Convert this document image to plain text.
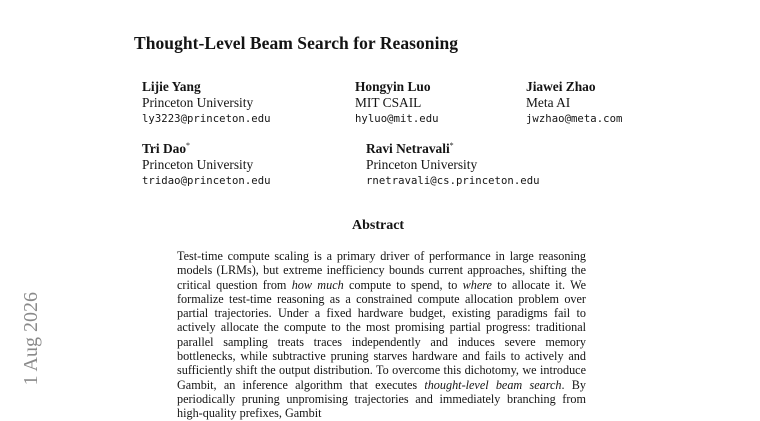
Thought-Level Beam Search for Reasoning
Lijie Yang
Princeton University
ly3223@princeton.edu
Hongyin Luo
MIT CSAIL
hyluo@mit.edu
Jiawei Zhao
Meta AI
jwzhao@meta.com
Tri Dao*
Princeton University
tridao@princeton.edu
Ravi Netravali*
Princeton University
rnetravali@cs.princeton.edu
Abstract

Test-time compute scaling is a primary driver of performance in large reasoning models (LRMs), but extreme inefficiency bounds current approaches, shifting the critical question from how much compute to spend, to where to allocate it. We formalize test-time reasoning as a constrained compute allocation problem over partial trajectories. Under a fixed hardware budget, existing paradigms fail to actively allocate the compute to the most promising partial progress: traditional parallel sampling treats traces independently and induces severe memory bottlenecks, while subtractive pruning starves hardware and fails to actively and sufficiently shift the output distribution. To overcome this dichotomy, we introduce Gambit, an inference algorithm that executes thought-level beam search. By periodically pruning unpromising trajectories and immediately branching from high-quality prefixes, Gambit

1 Aug 2026
